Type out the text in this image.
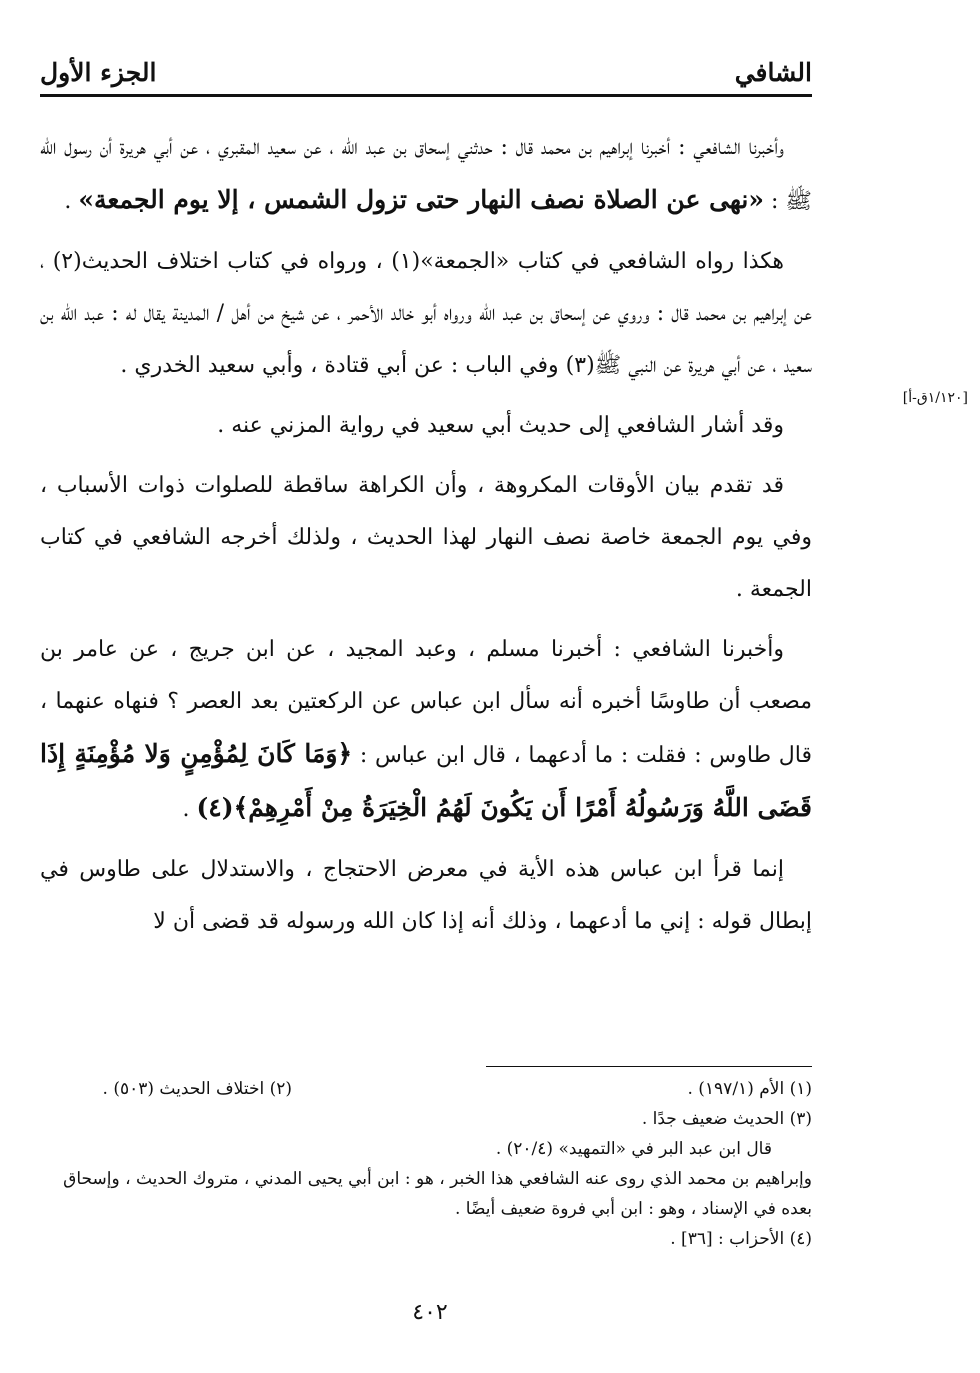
الشافي
الجزء الأول
[١/١٢٠ق-أ]

وأخبرنا الشافعي : أخبرنا إبراهيم بن محمد قال : حدثني إسحاق بن عبد الله ، عن سعيد المقبري ، عن أبي هريرة أن رسول الله ﷺ : «نهى عن الصلاة نصف النهار حتى تزول الشمس ، إلا يوم الجمعة» .

هكذا رواه الشافعي في كتاب «الجمعة»(١) ، ورواه في كتاب اختلاف الحديث(٢) ، عن إبراهيم بن محمد قال : وروي عن إسحاق بن عبد الله ورواه أبو خالد الأحمر ، عن شيخ من أهل / المدينة يقال له : عبد الله بن سعيد ، عن أبي هريرة عن النبي ﷺ(٣) وفي الباب : عن أبي قتادة ، وأبي سعيد الخدري .

وقد أشار الشافعي إلى حديث أبي سعيد في رواية المزني عنه .

قد تقدم بيان الأوقات المكروهة ، وأن الكراهة ساقطة للصلوات ذوات الأسباب ، وفي يوم الجمعة خاصة نصف النهار لهذا الحديث ، ولذلك أخرجه الشافعي في كتاب الجمعة .

وأخبرنا الشافعي : أخبرنا مسلم ، وعبد المجيد ، عن ابن جريج ، عن عامر بن مصعب أن طاوسًا أخبره أنه سأل ابن عباس عن الركعتين بعد العصر ؟ فنهاه عنهما ، قال طاوس : فقلت : ما أدعهما ، قال ابن عباس : ﴿وَمَا كَانَ لِمُؤْمِنٍ وَلا مُؤْمِنَةٍ إِذَا قَضَى اللَّهُ وَرَسُولُهُ أَمْرًا أَن يَكُونَ لَهُمُ الْخِيَرَةُ مِنْ أَمْرِهِمْ﴾(٤) .

إنما قرأ ابن عباس هذه الأية في معرض الاحتجاج ، والاستدلال على طاوس في إبطال قوله : إني ما أدعهما ، وذلك أنه إذا كان الله ورسوله قد قضى أن لا

(١) الأم (١٩٧/١) .
(٢) اختلاف الحديث (٥٠٣) .
(٣) الحديث ضعيف جدًا .
قال ابن عبد البر في «التمهيد» (٢٠/٤) .
وإبراهيم بن محمد الذي روى عنه الشافعي هذا الخبر ، هو : ابن أبي يحيى المدني ، متروك الحديث ، وإسحاق بعده في الإسناد ، وهو : ابن أبي فروة ضعيف أيضًا .
(٤) الأحزاب : [٣٦] .
٤٠٢
